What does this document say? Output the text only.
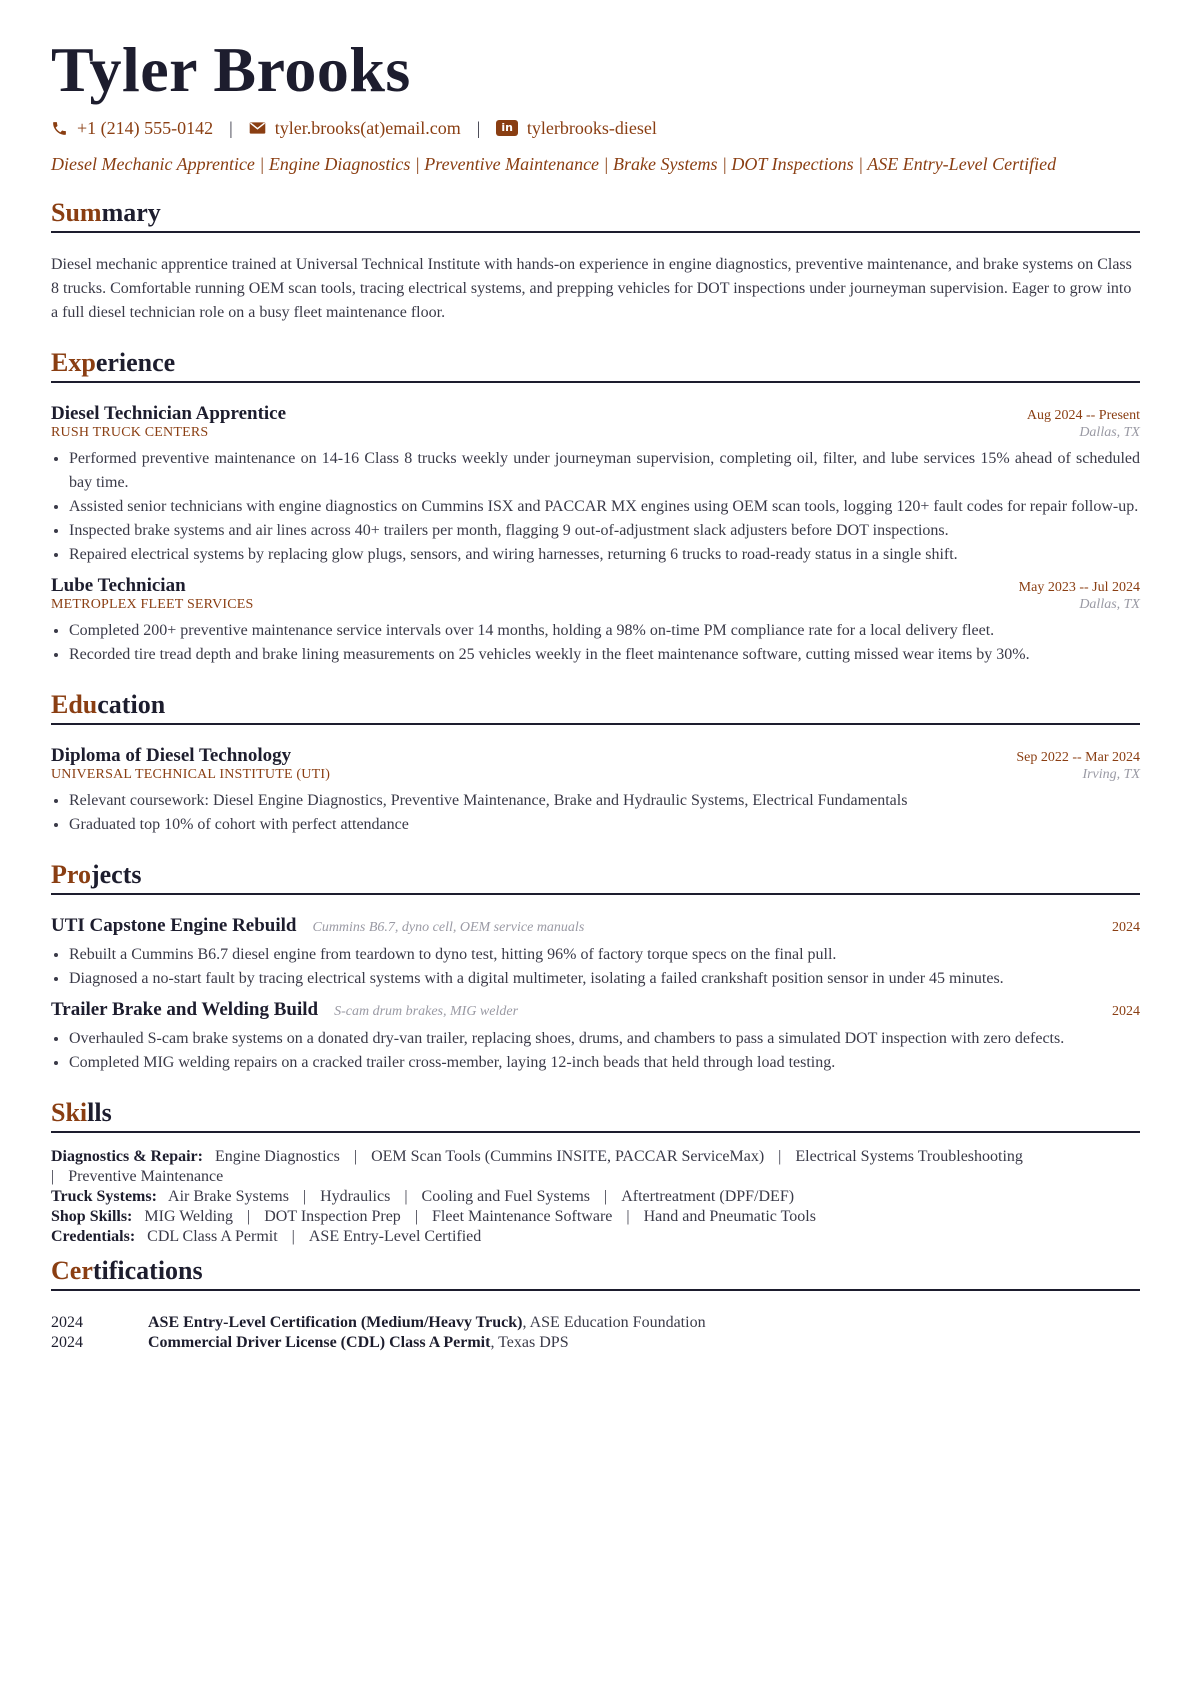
Tyler Brooks
+1 (214) 555-0142 | tyler.brooks(at)email.com |	in tylerbrooks-diesel
Diesel Mechanic Apprentice | Engine Diagnostics | Preventive Maintenance | Brake Systems | DOT Inspections | ASE Entry-Level Certified
Summary
Diesel mechanic apprentice trained at Universal Technical Institute with hands-on experience in engine diagnostics, preventive maintenance, and brake systems on Class 8 trucks. Comfortable running OEM scan tools, tracing electrical systems, and prepping vehicles for DOT inspections under journeyman supervision. Eager to grow into a full diesel technician role on a busy fleet maintenance floor.
Experience
Diesel Technician Apprentice	Aug 2024 -- Present
RUSH TRUCK CENTERS	Dallas, TX
• Performed preventive maintenance on 14-16 Class 8 trucks weekly under journeyman supervision, completing oil, filter, and lube services 15% ahead of scheduled bay time.
• Assisted senior technicians with engine diagnostics on Cummins ISX and PACCAR MX engines using OEM scan tools, logging 120+ fault codes for repair follow-up.
• Inspected brake systems and air lines across 40+ trailers per month, flagging 9 out-of-adjustment slack adjusters before DOT inspections.
• Repaired electrical systems by replacing glow plugs, sensors, and wiring harnesses, returning 6 trucks to road-ready status in a single shift.
Lube Technician	May 2023 -- Jul 2024
METROPLEX FLEET SERVICES	Dallas, TX
• Completed 200+ preventive maintenance service intervals over 14 months, holding a 98% on-time PM compliance rate for a local delivery fleet.
• Recorded tire tread depth and brake lining measurements on 25 vehicles weekly in the fleet maintenance software, cutting missed wear items by 30%.
Education
Diploma of Diesel Technology	Sep 2022 -- Mar 2024
UNIVERSAL TECHNICAL INSTITUTE (UTI)	Irving, TX
• Relevant coursework: Diesel Engine Diagnostics, Preventive Maintenance, Brake and Hydraulic Systems, Electrical Fundamentals
• Graduated top 10% of cohort with perfect attendance
Projects
UTI Capstone Engine Rebuild Cummins B6.7, dyno cell, OEM service manuals	2024
• Rebuilt a Cummins B6.7 diesel engine from teardown to dyno test, hitting 96% of factory torque specs on the final pull.
• Diagnosed a no-start fault by tracing electrical systems with a digital multimeter, isolating a failed crankshaft position sensor in under 45 minutes.
Trailer Brake and Welding Build S-cam drum brakes, MIG welder	2024
• Overhauled S-cam brake systems on a donated dry-van trailer, replacing shoes, drums, and chambers to pass a simulated DOT inspection with zero defects.
• Completed MIG welding repairs on a cracked trailer cross-member, laying 12-inch beads that held through load testing.
Skills
Diagnostics & Repair: Engine Diagnostics | OEM Scan Tools (Cummins INSITE, PACCAR ServiceMax) | Electrical Systems Troubleshooting
| Preventive Maintenance
Truck Systems: Air Brake Systems | Hydraulics | Cooling and Fuel Systems | Aftertreatment (DPF/DEF)
Shop Skills: MIG Welding | DOT Inspection Prep | Fleet Maintenance Software | Hand and Pneumatic Tools
Credentials: CDL Class A Permit | ASE Entry-Level Certified
Certifications
2024	ASE Entry-Level Certification (Medium/Heavy Truck), ASE Education Foundation
2024	Commercial Driver License (CDL) Class A Permit, Texas DPS
